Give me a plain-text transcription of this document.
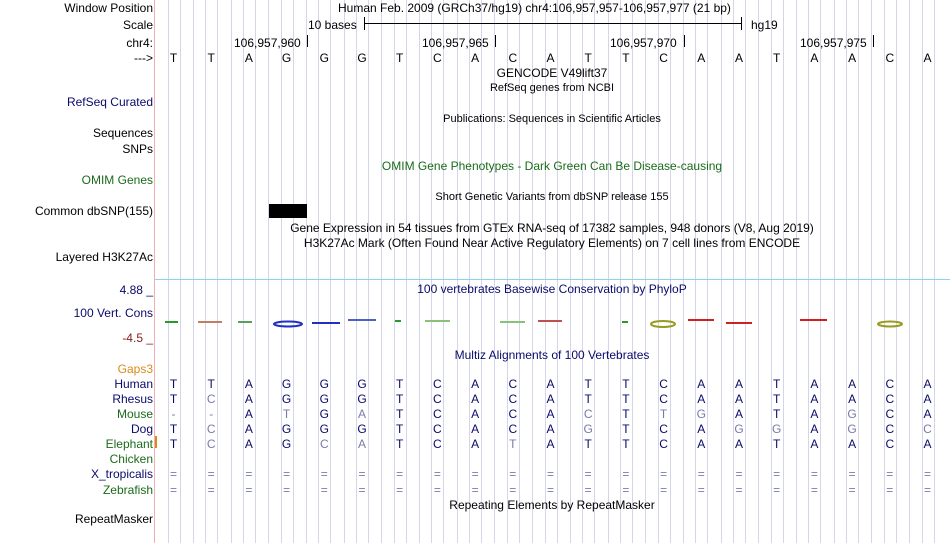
Window Position	Human Feb. 2009 (GRCh37/hg19) chr4:106,957,957-106,957,977 (21 bp)
Scale	10 bases	hg19
chr4:	106,957,960	106,957,965	106,957,970	106,957,975
---> T	T	A G G G T C A C A	T	T C A A	T	A A C A
GENCODE V49lift37
RefSeq genes from NCBI
RefSeq Curated
Sequences
Publications: Sequences in Scientific Articles
SNPs
OMIM Gene Phenotypes - Dark Green Can Be Disease-causing
OMIM Genes
Short Genetic Variants from dbSNP release 155
Common dbSNP(155)
Gene Expression in 54 tissues from GTEx RNA-seq of 17382 samples, 948 donors (V8, Aug 2019)
H3K27Ac Mark (Often Found Near Active Regulatory Elements) on 7 cell lines from ENCODE
Layered H3K27Ac
100 vertebrates Basewise Conservation by PhyloP
4.88 _
100 Vert. Cons
-4.5 _
Multiz Alignments of 100 Vertebrates
Gaps3
Human T	T	A G G G T C A C A	T	T C A A	T	A A C A
Rhesus T C A G G G T C A C A	T	T C A A	T	A A C A
Mouse	-	-	A	T G A	T C A C A C T	T G A	T	A G C A
Dog T C A G G G T C A C A G T C A G G A G C C
Elephant T C A G C A	T C A	T	A	T	T C A A	T	A A C A
Chicken
X_tropicalis =	=	=	=	=	=	=	=	=	=	=	=	=	=	=	=	=	=	=	=	=
Zebrafish =	=	=	=	=	=	=	=	=	=	=	=	=	=	=	=	=	=	=	=	=
Repeating Elements by RepeatMasker
RepeatMasker
